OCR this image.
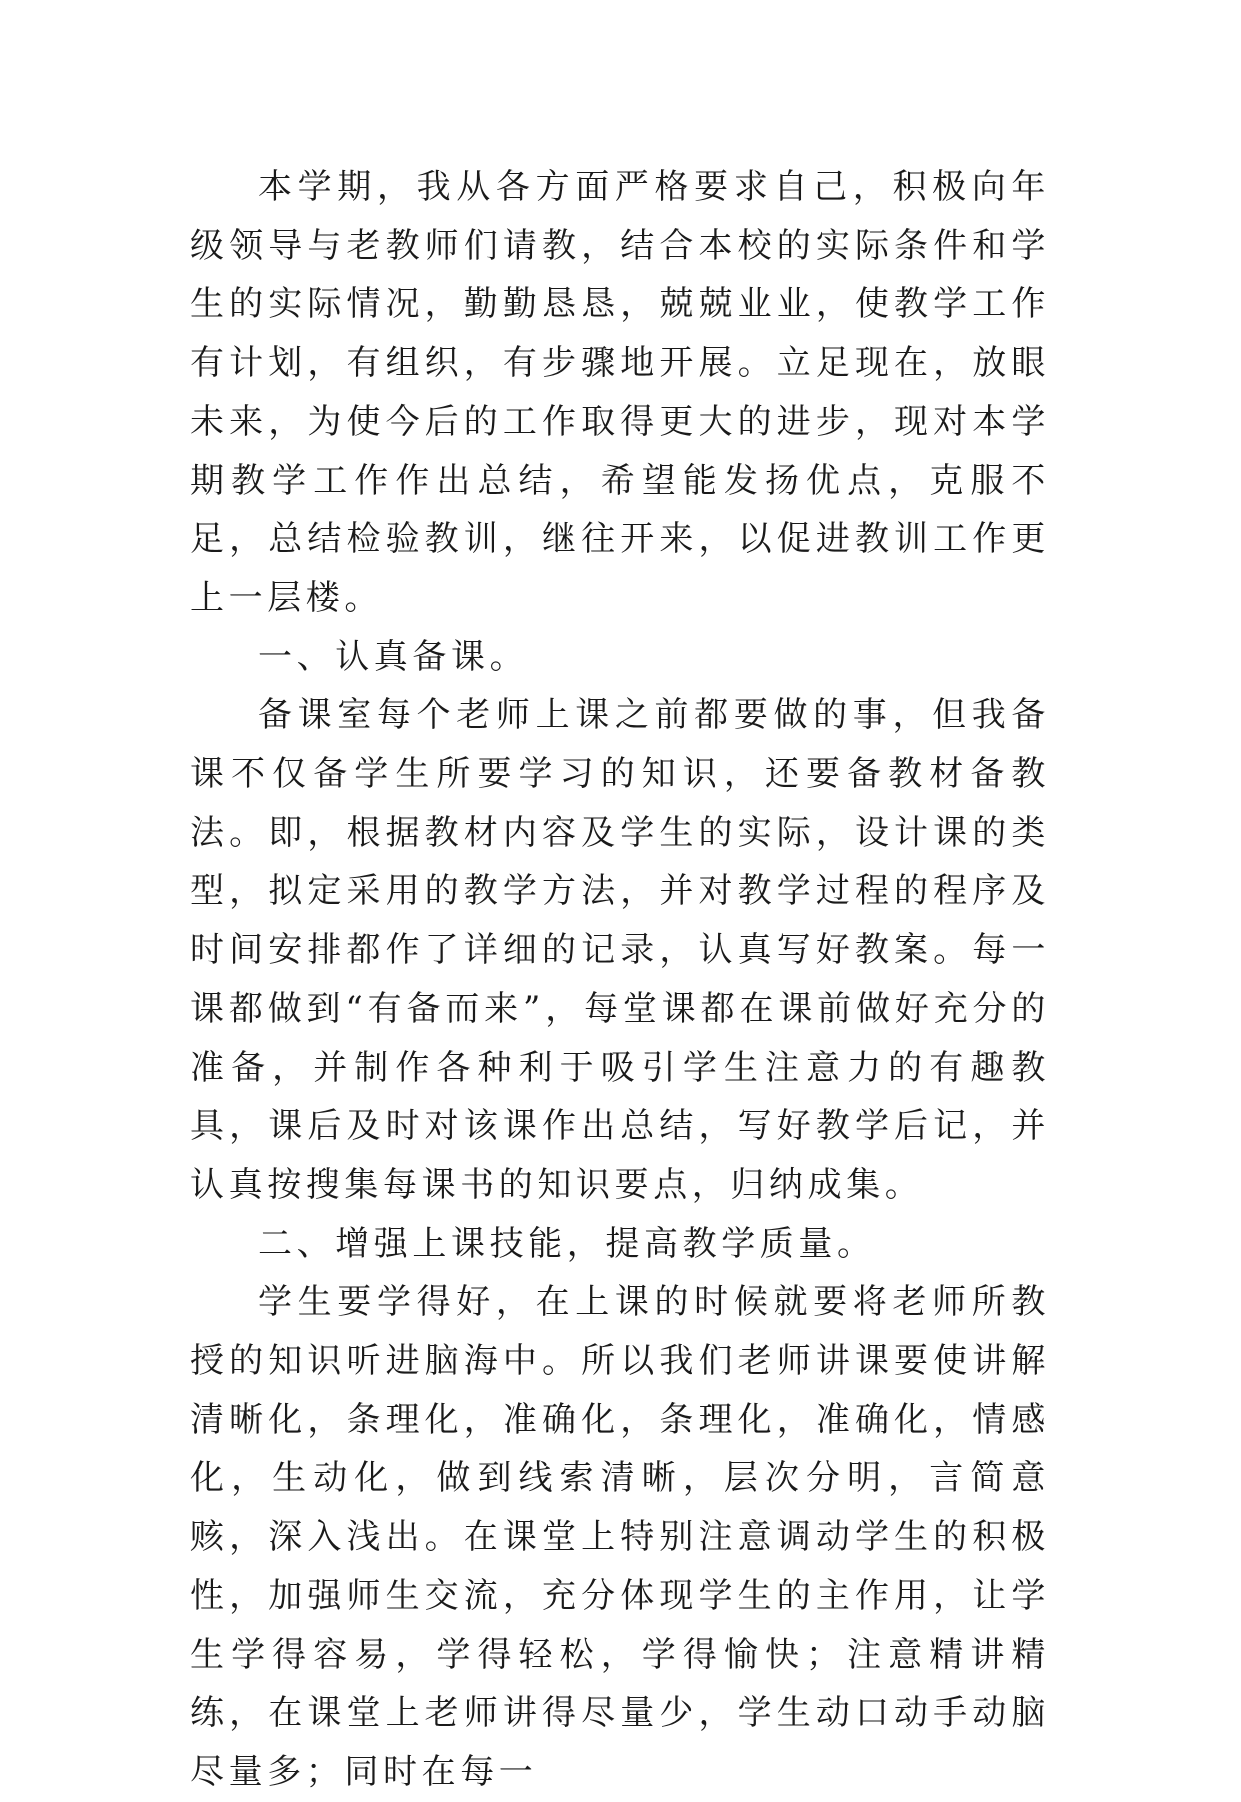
本学期，我从各方面严格要求自己，积极向年级领导与老教师们请教，结合本校的实际条件和学生的实际情况，勤勤恳恳，兢兢业业，使教学工作有计划，有组织，有步骤地开展。立足现在，放眼未来，为使今后的工作取得更大的进步，现对本学期教学工作作出总结，希望能发扬优点，克服不足，总结检验教训，继往开来，以促进教训工作更上一层楼。

一、认真备课。

备课室每个老师上课之前都要做的事，但我备课不仅备学生所要学习的知识，还要备教材备教法。即，根据教材内容及学生的实际，设计课的类型，拟定采用的教学方法，并对教学过程的程序及时间安排都作了详细的记录，认真写好教案。每一课都做到“有备而来”，每堂课都在课前做好充分的准备，并制作各种利于吸引学生注意力的有趣教具，课后及时对该课作出总结，写好教学后记，并认真按搜集每课书的知识要点，归纳成集。

二、增强上课技能，提高教学质量。

学生要学得好，在上课的时候就要将老师所教授的知识听进脑海中。所以我们老师讲课要使讲解清晰化，条理化，准确化，条理化，准确化，情感化，生动化，做到线索清晰，层次分明，言简意赅，深入浅出。在课堂上特别注意调动学生的积极性，加强师生交流，充分体现学生的主作用，让学生学得容易，学得轻松，学得愉快；注意精讲精练，在课堂上老师讲得尽量少，学生动口动手动脑尽量多；同时在每一
